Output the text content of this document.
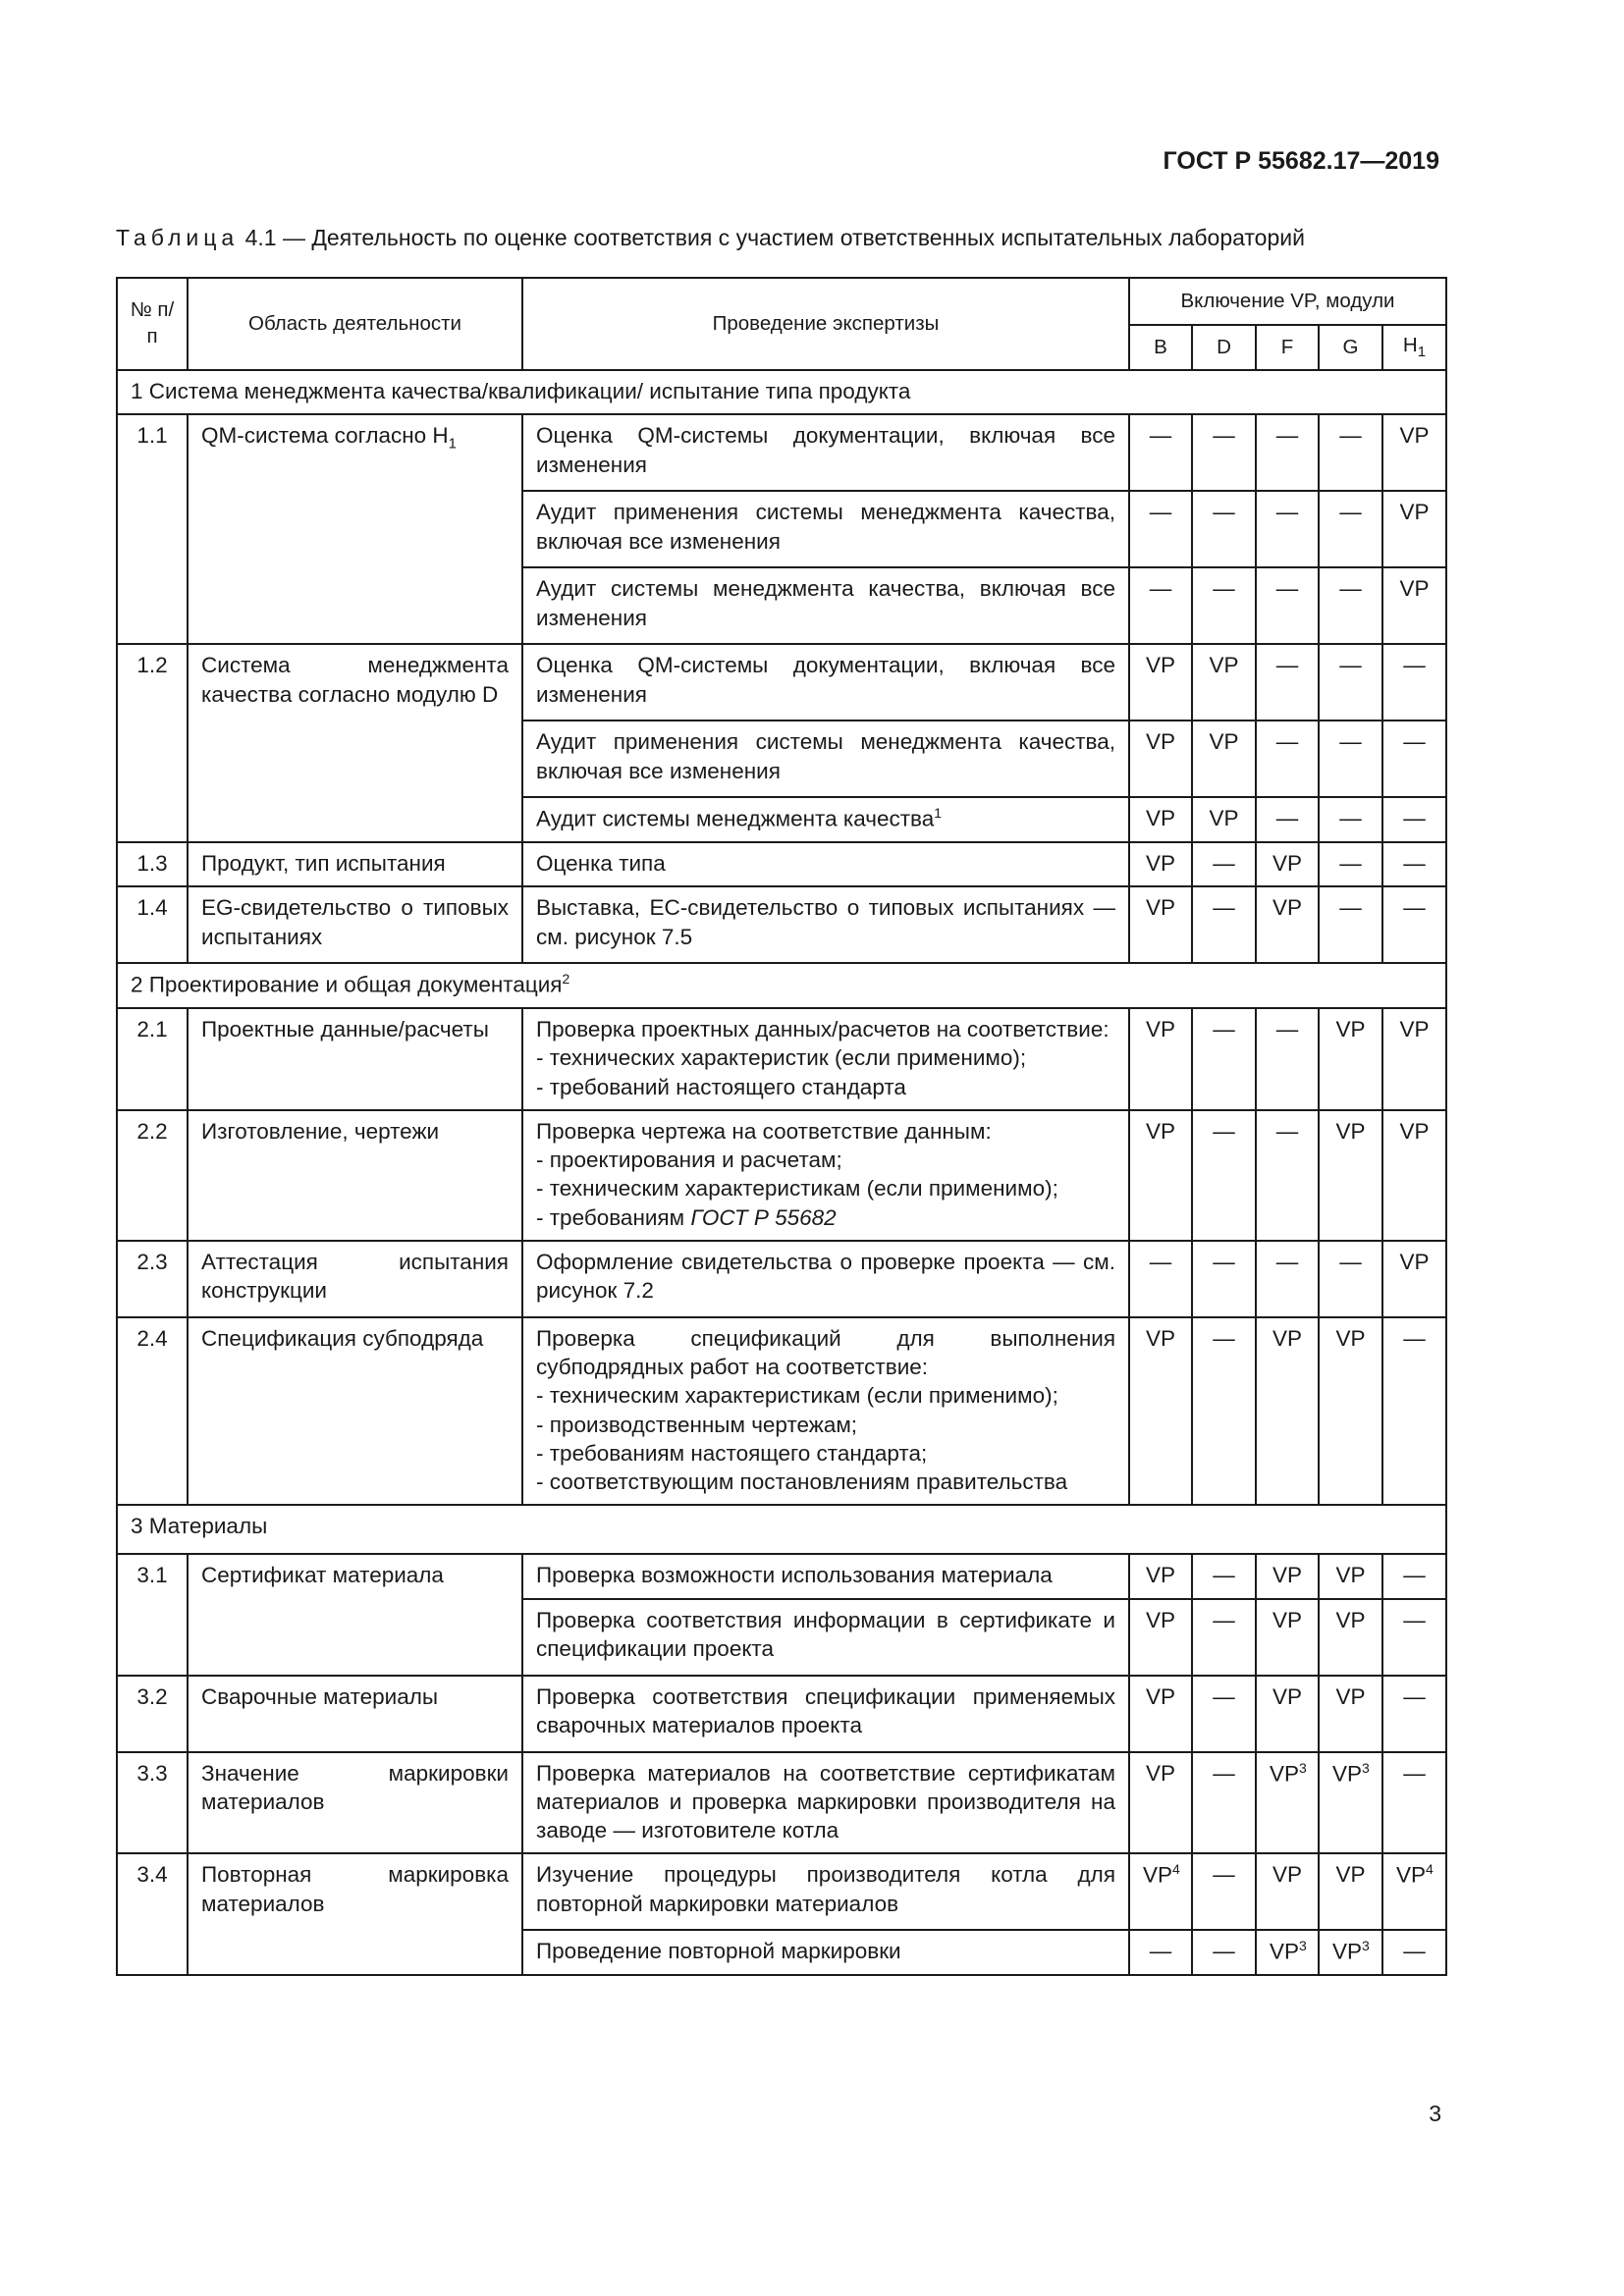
ГОСТ Р 55682.17—2019
Таблица 4.1 — Деятельность по оценке соответствия с участием ответственных испытательных лабораторий
№ п/п	Область деятельности	Проведение экспертизы	Включение VP, модули				
			B	D	F	G	$H_1$
1 Система менеджмента качества/квалификации/ испытание типа продукта							
1.1	QM-система согласно $H_1$	Оценка QM-системы документации, включая все изменения	—	—	—	—	VP
		Аудит применения системы менеджмента качества, включая все изменения	—	—	—	—	VP
		Аудит системы менеджмента качества, включая все изменения	—	—	—	—	VP
1.2	Система менеджмента качества согласно модулю D	Оценка QM-системы документации, включая все изменения	VP	VP	—	—	—
		Аудит применения системы менеджмента качества, включая все изменения	VP	VP	—	—	—
		Аудит системы менеджмента качества$^1$	VP	VP	—	—	—
1.3	Продукт, тип испытания	Оценка типа	VP	—	VP	—	—
1.4	EG-свидетельство о типовых испытаниях	Выставка, EC-свидетельство о типовых испытаниях — см. рисунок 7.5	VP	—	VP	—	—
2 Проектирование и общая документация$^2$
2.1	Проектные данные/расчеты	Проверка проектных данных/расчетов на соответствие:
- технических характеристик (если применимо);
- требований настоящего стандарта	VP	—	—	VP	VP
2.2	Изготовление, чертежи	Проверка чертежа на соответствие данным:
- проектирования и расчетам;
- техническим характеристикам (если применимо);
- требованиям ГОСТ Р 55682	VP	—	—	VP	VP
2.3	Аттестация испытания конструкции	Оформление свидетельства о проверке проекта — см. рисунок 7.2	—	—	—	—	VP
2.4	Спецификация субподряда	Проверка спецификаций для выполнения субподрядных работ на соответствие:
- техническим характеристикам (если применимо);
- производственным чертежам;
- требованиям настоящего стандарта;
- соответствующим постановлениям правительства	VP	—	VP	VP	—
3 Материалы							
3.1	Сертификат материала	Проверка возможности использования материала	VP	—	VP	VP	—
		Проверка соответствия информации в сертификате и спецификации проекта	VP	—	VP	VP	—
3.2	Сварочные материалы	Проверка соответствия спецификации применяемых сварочных материалов проекта	VP	—	VP	VP	—
3.3	Значение маркировки материалов	Проверка материалов на соответствие сертификатам материалов и проверка маркировки производителя на заводе — изготовителе котла	VP	—	$VP^3$	$VP^3$	—
3.4	Повторная маркировка материалов	Изучение процедуры производителя котла для повторной маркировки материалов	$VP^4$	—	VP	VP	$VP^4$
		Проведение повторной маркировки	—	—	$VP^3$	$VP^3$	—
3
